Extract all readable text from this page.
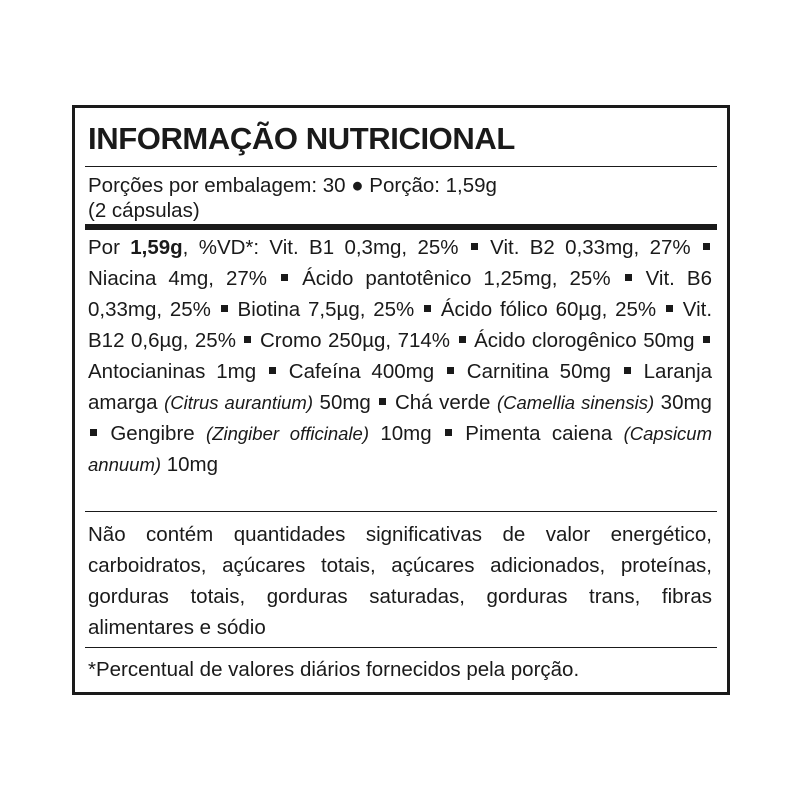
INFORMAÇÃO NUTRICIONAL
Porções por embalagem: 30 ● Porção: 1,59g
(2 cápsulas)
Por 1,59g, %VD*: Vit. B1 0,3mg, 25%  Vit. B2 0,33mg, 27%  Niacina 4mg, 27% Ácido pantotênico 1,25mg, 25% Vit. B6 0,33mg, 25% Biotina 7,5µg, 25% Ácido fólico 60µg, 25% Vit. B12 0,6µg, 25% Cromo 250µg, 714% Ácido clorogênico 50mg  Antocianinas 1mg Cafeína 400mg Carnitina 50mg Laranja amarga (Citrus aurantium) 50mg Chá verde (Camellia sinensis) 30mg  Gengibre (Zingiber officinale) 10mg Pimenta caiena (Capsicum annuum) 10mg
Não contém quantidades significativas de valor energético, carboidratos, açúcares totais, açúcares adicionados, proteínas, gorduras totais, gorduras saturadas, gorduras trans, fibras alimentares e sódio
*Percentual de valores diários fornecidos pela porção.
